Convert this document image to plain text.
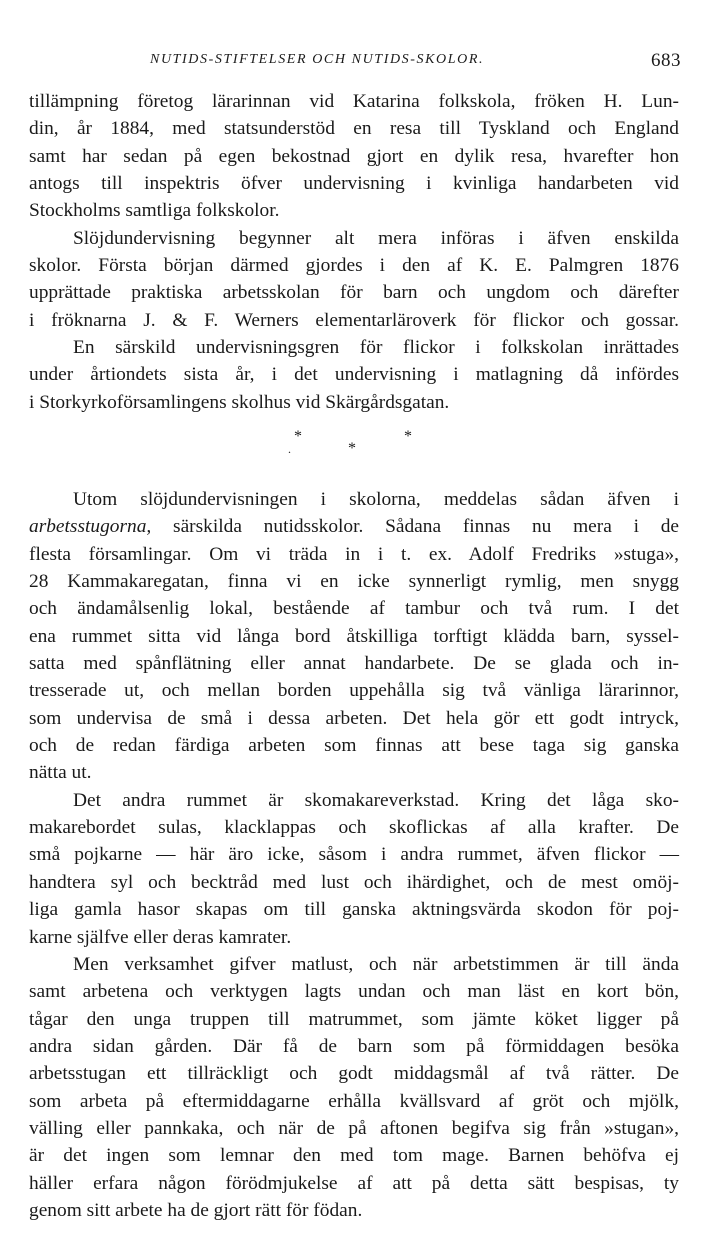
NUTIDS-STIFTELSER OCH NUTIDS-SKOLOR.	683
tillämpning företog lärarinnan vid Katarina folkskola, fröken H. Lun-
din, år 1884, med statsunderstöd en resa till Tyskland och England
samt har sedan på egen bekostnad gjort en dylik resa, hvarefter hon
antogs till inspektris öfver undervisning i kvinliga handarbeten vid
Stockholms samtliga folkskolor.
Slöjdundervisning begynner alt mera införas i äfven enskilda
skolor. Första början därmed gjordes i den af K. E. Palmgren 1876
upprättade praktiska arbetsskolan för barn och ungdom och därefter
i fröknarna J. & F. Werners elementarläroverk för flickor och gossar.
En särskild undervisningsgren för flickor i folkskolan inrättades
under årtiondets sista år, i det undervisning i matlagning då infördes
i Storkyrkoförsamlingens skolhus vid Skärgårdsgatan.
*	*
*
.
Utom slöjdundervisningen i skolorna, meddelas sådan äfven i
arbetsstugorna, särskilda nutidsskolor. Sådana finnas nu mera i de
flesta församlingar. Om vi träda in i t. ex. Adolf Fredriks »stuga»,
28 Kammakaregatan, finna vi en icke synnerligt rymlig, men snygg
och ändamålsenlig lokal, bestående af tambur och två rum. I det
ena rummet sitta vid långa bord åtskilliga torftigt klädda barn, syssel-
satta med spånflätning eller annat handarbete. De se glada och in-
tresserade ut, och mellan borden uppehålla sig två vänliga lärarinnor,
som undervisa de små i dessa arbeten. Det hela gör ett godt intryck,
och de redan färdiga arbeten som finnas att bese taga sig ganska
nätta ut.
Det andra rummet är skomakareverkstad. Kring det låga sko-
makarebordet sulas, klacklappas och skoflickas af alla krafter. De
små pojkarne — här äro icke, såsom i andra rummet, äfven flickor —
handtera syl och becktråd med lust och ihärdighet, och de mest omöj-
liga gamla hasor skapas om till ganska aktningsvärda skodon för poj-
karne själfve eller deras kamrater.
Men verksamhet gifver matlust, och när arbetstimmen är till ända
samt arbetena och verktygen lagts undan och man läst en kort bön,
tågar den unga truppen till matrummet, som jämte köket ligger på
andra sidan gården. Där få de barn som på förmiddagen besöka
arbetsstugan ett tillräckligt och godt middagsmål af två rätter. De
som arbeta på eftermiddagarne erhålla kvällsvard af gröt och mjölk,
välling eller pannkaka, och när de på aftonen begifva sig från »stugan»,
är det ingen som lemnar den med tom mage. Barnen behöfva ej
häller erfara någon förödmjukelse af att på detta sätt bespisas, ty
genom sitt arbete ha de gjort rätt för födan.
